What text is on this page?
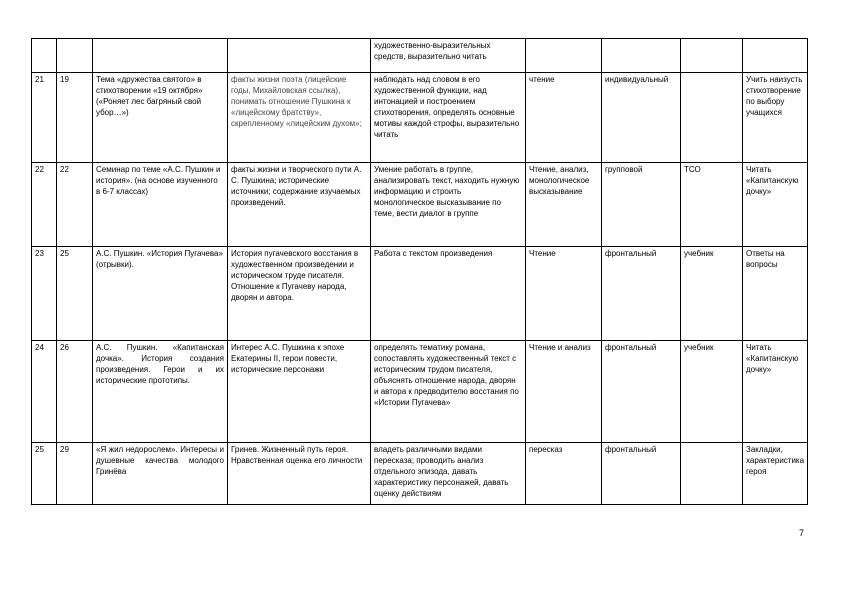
				художественно-выразительных средств, выразительно читать				
21	19	Тема «дружества святого» в стихотворении «19 октября» («Роняет лес багряный свой убор…»)	факты жизни поэта (лицейские годы, Михайловская ссылка), понимать отношение Пушкина к «лицейскому братству», скрепленному «лицейским духом»;	наблюдать над словом в его художественной функции, над интонацией и построением стихотворения, определять основные мотивы каждой строфы, выразительно читать	чтение	индивидуальный		Учить наизусть стихотворение по выбору учащихся
22	22	Семинар по теме «А.С. Пушкин и история». (на основе изученного в 6-7 классах)	факты жизни и творческого пути А. С. Пушкина; исторические источники; содержание изучаемых произведений.	Умение работать в группе, анализировать текст, находить нужную информацию и строить монологическое высказывание по теме, вести диалог в группе	Чтение, анализ, монологическое высказывание	групповой	ТСО	Читать «Капитанскую дочку»
23	25	А.С. Пушкин. «История Пугачева» (отрывки).	История пугачевского восстания в художественном произведении и историческом труде писателя. Отношение к Пугачеву народа, дворян и автора.	Работа с текстом произведения	Чтение	фронтальный	учебник	Ответы на вопросы
24	26	А.С. Пушкин. «Капитанская дочка». История создания произведения. Герои и их исторические прототипы.	Интерес А.С. Пушкина к эпохе Екатерины II, герои повести, исторические персонажи	определять тематику романа, сопоставлять художественный текст с историческим трудом писателя, объяснять отношение народа, дворян и автора к предводителю восстания по «Истории Пугачева»	Чтение и анализ	фронтальный	учебник	Читать «Капитанскую дочку»
25	29	«Я жил недорослем». Интересы и душевные качества молодого Гринёва	Гринев. Жизненный путь героя. Нравственная оценка его личности	владеть различными видами пересказа; проводить анализ отдельного эпизода, давать характеристику персонажей, давать оценку действиям	пересказ	фронтальный		Закладки, характеристика героя
7
